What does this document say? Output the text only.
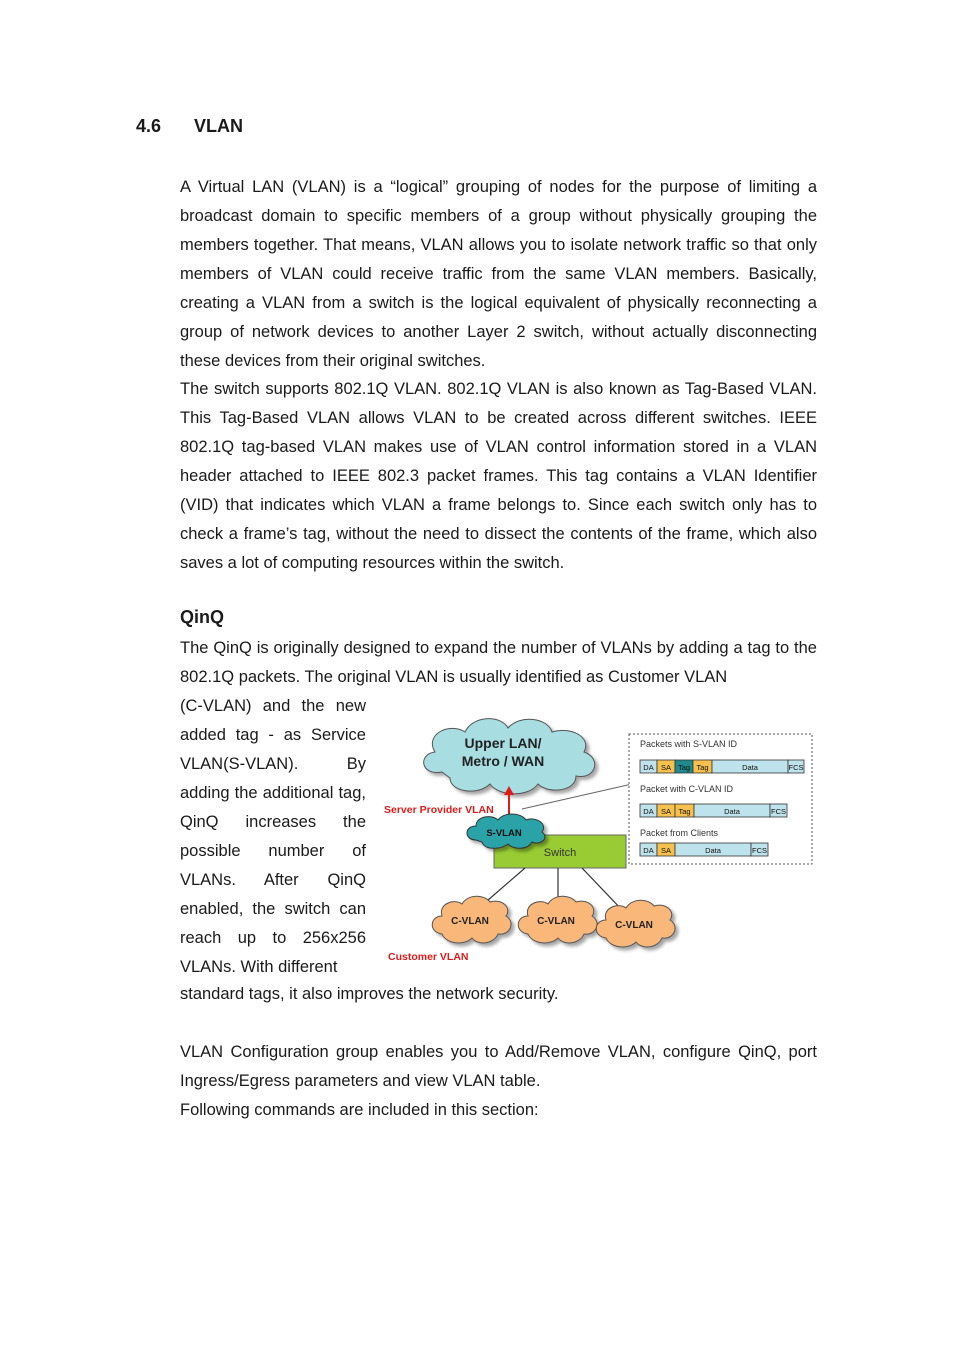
4.6 VLAN

A Virtual LAN (VLAN) is a “logical” grouping of nodes for the purpose of limiting a broadcast domain to specific members of a group without physically grouping the members together. That means, VLAN allows you to isolate network traffic so that only members of VLAN could receive traffic from the same VLAN members. Basically, creating a VLAN from a switch is the logical equivalent of physically reconnecting a group of network devices to another Layer 2 switch, without actually disconnecting these devices from their original switches.

The switch supports 802.1Q VLAN. 802.1Q VLAN is also known as Tag-Based VLAN. This Tag-Based VLAN allows VLAN to be created across different switches. IEEE 802.1Q tag-based VLAN makes use of VLAN control information stored in a VLAN header attached to IEEE 802.3 packet frames. This tag contains a VLAN Identifier (VID) that indicates which VLAN a frame belongs to. Since each switch only has to check a frame’s tag, without the need to dissect the contents of the frame, which also saves a lot of computing resources within the switch.

QinQ

The QinQ is originally designed to expand the number of VLANs by adding a tag to the 802.1Q packets. The original VLAN is usually identified as Customer VLAN

(C-VLAN) and the new added tag - as Service VLAN(S-VLAN). By adding the additional tag, QinQ increases the possible number of VLANs. After QinQ enabled, the switch can reach up to 256x256 VLANs. With different

standard tags, it also improves the network security.

VLAN Configuration group enables you to Add/Remove VLAN, configure QinQ, port Ingress/Egress parameters and view VLAN table.

Following commands are included in this section:

Upper LAN/
Metro / WAN
Server Provider VLAN
Switch
S-VLAN
C-VLAN	C-VLAN	C-VLAN
Customer VLAN
Packets with S-VLAN ID
DA SA Tag Tag	Data	FCS
Packet with C-VLAN ID
DA SA Tag	Data	FCS
Packet from Clients
DA SA	Data	FCS
